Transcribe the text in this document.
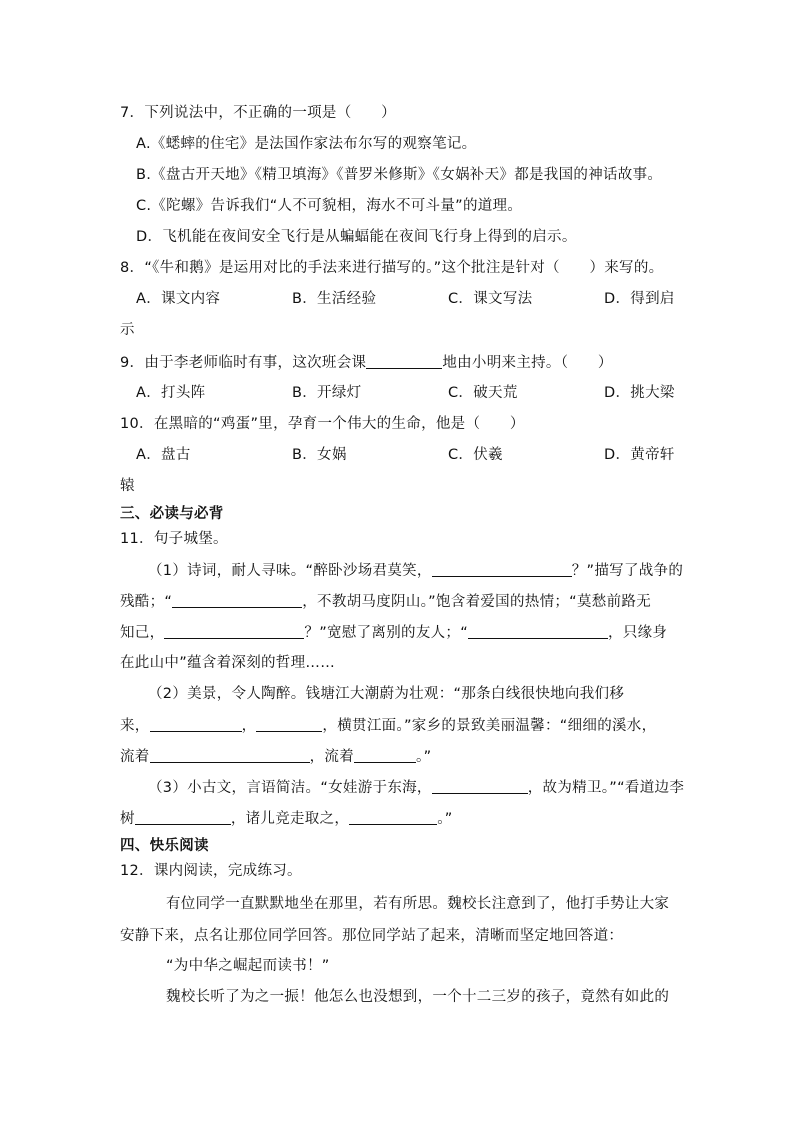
7．下列说法中，不正确的一项是（　　）
A.《蟋蟀的住宅》是法国作家法布尔写的观察笔记。
B.《盘古开天地》《精卫填海》《普罗米修斯》《女娲补天》都是我国的神话故事。
C.《陀螺》告诉我们“人不可貌相，海水不可斗量”的道理。
D．飞机能在夜间安全飞行是从蝙蝠能在夜间飞行身上得到的启示。
8．“《牛和鹅》是运用对比的手法来进行描写的。”这个批注是针对（　　）来写的。
A．课文内容	B．生活经验	C．课文写法	D．得到启
示
9．由于李老师临时有事，这次班会课	地由小明来主持。（　　）
A．打头阵	B．开绿灯	C．破天荒	D．挑大梁
10．在黑暗的“鸡蛋”里，孕育一个伟大的生命，他是（　　）
A．盘古	B．女娲	C．伏羲	D．黄帝轩
辕
三、必读与必背
11．句子城堡。
（1）诗词，耐人寻味。“醉卧沙场君莫笑，	？”描写了战争的
残酷；“	，不教胡马度阴山。”饱含着爱国的热情；“莫愁前路无
知己，	？”宽慰了离别的友人；“	，只缘身
在此山中”蕴含着深刻的哲理……
（2）美景，令人陶醉。钱塘江大潮蔚为壮观：“那条白线很快地向我们移
来，	，	，横贯江面。”家乡的景致美丽温馨：“细细的溪水，
流着	，流着	。”
（3）小古文，言语简洁。“女娃游于东海，	，故为精卫。”“看道边李
树	，诸儿竞走取之，	。”
四、快乐阅读
12．课内阅读，完成练习。
有位同学一直默默地坐在那里，若有所思。魏校长注意到了，他打手势让大家
安静下来，点名让那位同学回答。那位同学站了起来，清晰而坚定地回答道：
“为中华之崛起而读书！”
魏校长听了为之一振！他怎么也没想到，一个十二三岁的孩子，竟然有如此的
